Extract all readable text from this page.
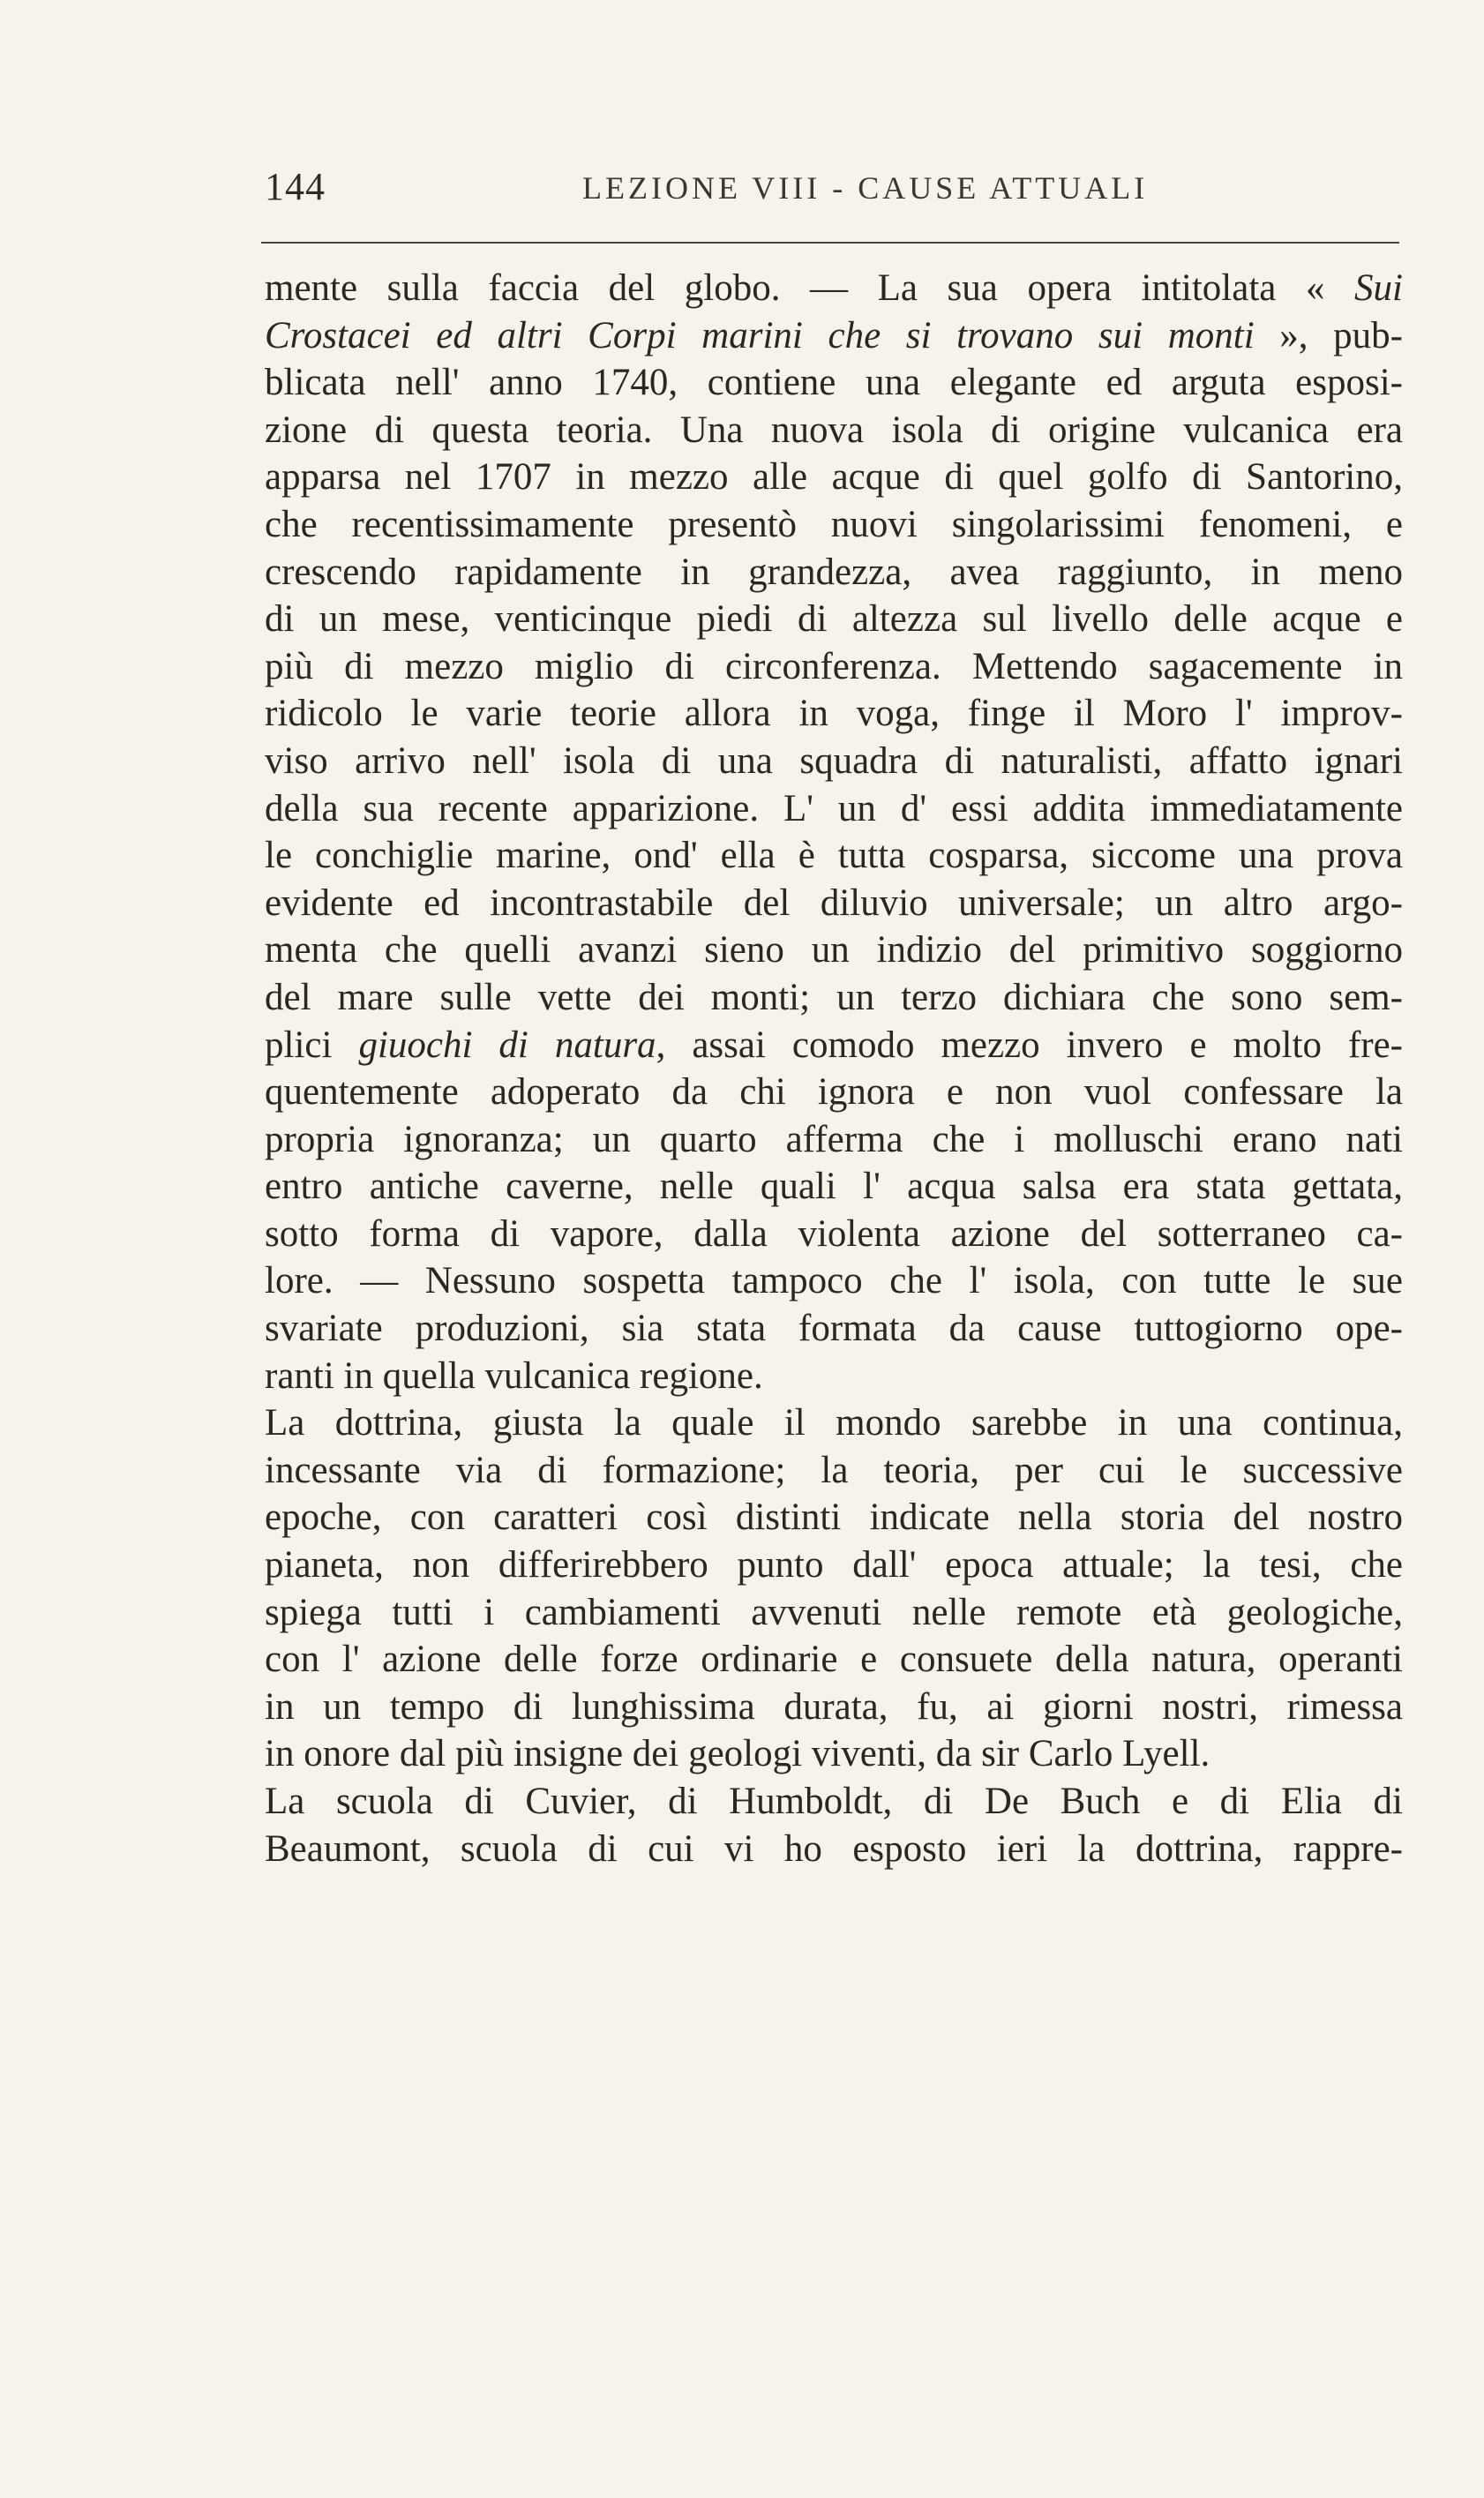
144	LEZIONE VIII - CAUSE ATTUALI
mente sulla faccia del globo. — La sua opera intitolata « Sui
Crostacei ed altri Corpi marini che si trovano sui monti », pub-
blicata nell' anno 1740, contiene una elegante ed arguta esposi-
zione di questa teoria. Una nuova isola di origine vulcanica era
apparsa nel 1707 in mezzo alle acque di quel golfo di Santorino,
che recentissimamente presentò nuovi singolarissimi fenomeni, e
crescendo rapidamente in grandezza, avea raggiunto, in meno
di un mese, venticinque piedi di altezza sul livello delle acque e
più di mezzo miglio di circonferenza. Mettendo sagacemente in
ridicolo le varie teorie allora in voga, finge il Moro l' improv-
viso arrivo nell' isola di una squadra di naturalisti, affatto ignari
della sua recente apparizione. L' un d' essi addita immediatamente
le conchiglie marine, ond' ella è tutta cosparsa, siccome una prova
evidente ed incontrastabile del diluvio universale; un altro argo-
menta che quelli avanzi sieno un indizio del primitivo soggiorno
del mare sulle vette dei monti; un terzo dichiara che sono sem-
plici giuochi di natura, assai comodo mezzo invero e molto fre-
quentemente adoperato da chi ignora e non vuol confessare la
propria ignoranza; un quarto afferma che i molluschi erano nati
entro antiche caverne, nelle quali l' acqua salsa era stata gettata,
sotto forma di vapore, dalla violenta azione del sotterraneo ca-
lore. — Nessuno sospetta tampoco che l' isola, con tutte le sue
svariate produzioni, sia stata formata da cause tuttogiorno ope-
ranti in quella vulcanica regione.
La dottrina, giusta la quale il mondo sarebbe in una continua,
incessante via di formazione; la teoria, per cui le successive
epoche, con caratteri così distinti indicate nella storia del nostro
pianeta, non differirebbero punto dall' epoca attuale; la tesi, che
spiega tutti i cambiamenti avvenuti nelle remote età geologiche,
con l' azione delle forze ordinarie e consuete della natura, operanti
in un tempo di lunghissima durata, fu, ai giorni nostri, rimessa
in onore dal più insigne dei geologi viventi, da sir Carlo Lyell.
La scuola di Cuvier, di Humboldt, di De Buch e di Elia di
Beaumont, scuola di cui vi ho esposto ieri la dottrina, rappre-
